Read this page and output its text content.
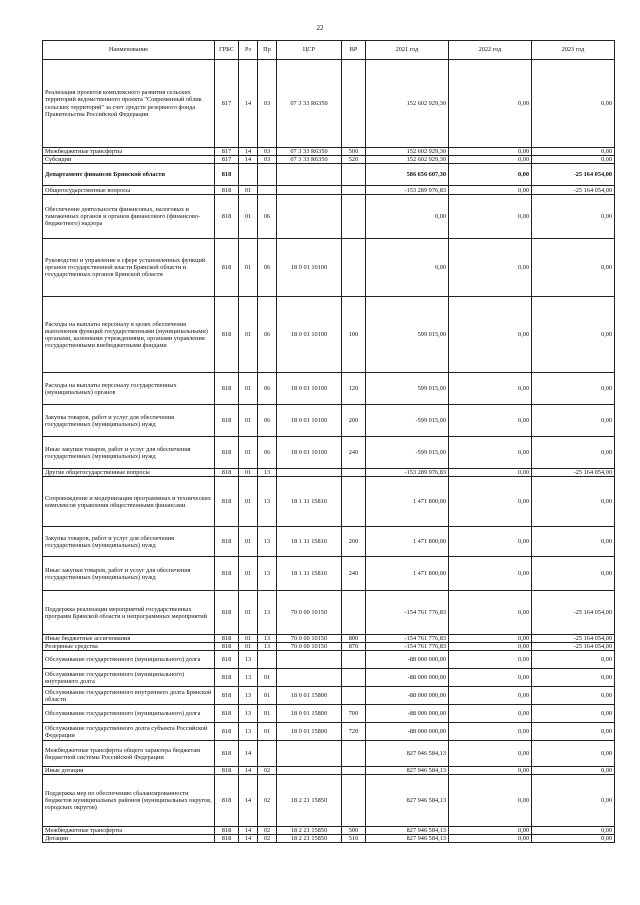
22
Наименование	ГРБС	Рз	Пр	ЦСР	ВР	2021 год	2022 год	2023 год
Реализация проектов комплексного развития сельских территорий ведомственного проекта "Современный облик сельских территорий" за счет средств резервного фонда Правительства Российской Федерации	817	14	03	07 3 33 R6350		152 602 929,30	0,00	0,00
Межбюджетные трансферты	817	14	03	07 3 33 R6350	500	152 602 929,30	0,00	0,00
Субсидии	817	14	03	07 3 33 R6350	520	152 602 929,30	0,00	0,00
Департамент финансов Брянской области	818					586 656 607,30	0,00	-25 164 054,00
Общегосударственные вопросы	818	01				-153 289 976,83	0,00	-25 164 054,00
Обеспечение деятельности финансовых, налоговых и таможенных органов и органов финансового (финансово-бюджетного) надзора	818	01	06			0,00	0,00	0,00
Руководство и управление в сфере установленных функций органов государственной власти Брянской области и государственных органов Брянской области	818	01	06	18 0 01 10100		0,00	0,00	0,00
Расходы на выплаты персоналу в целях обеспечения выполнения функций государственными (муниципальными) органами, казенными учреждениями, органами управления государственными внебюджетными фондами	818	01	06	18 0 01 10100	100	599 015,00	0,00	0,00
Расходы на выплаты персоналу государственных (муниципальных) органов	818	01	06	18 0 01 10100	120	599 015,00	0,00	0,00
Закупка товаров, работ и услуг для обеспечения государственных (муниципальных) нужд	818	01	06	18 0 01 10100	200	-599 015,00	0,00	0,00
Иные закупки товаров, работ и услуг для обеспечения государственных (муниципальных) нужд	818	01	06	18 0 01 10100	240	-599 015,00	0,00	0,00
Другие общегосударственные вопросы	818	01	13			-153 289 976,83	0,00	-25 164 054,00
Сопровождение и модернизация программных и технических комплексов управления общественными финансами	818	01	13	18 1 11 15810		1 471 800,00	0,00	0,00
Закупка товаров, работ и услуг для обеспечения государственных (муниципальных) нужд	818	01	13	18 1 11 15810	200	1 471 800,00	0,00	0,00
Иные закупки товаров, работ и услуг для обеспечения государственных (муниципальных) нужд	818	01	13	18 1 11 15810	240	1 471 800,00	0,00	0,00
Поддержка реализации мероприятий государственных программ Брянской области и непрограммных мероприятий	818	01	13	70 0 00 10150		-154 761 776,83	0,00	-25 164 054,00
Иные бюджетные ассигнования	818	01	13	70 0 00 10150	800	-154 761 776,83	0,00	-25 164 054,00
Резервные средства	818	01	13	70 0 00 10150	870	-154 761 776,83	0,00	-25 164 054,00
Обслуживание государственного (муниципального) долга	818	13				-88 000 000,00	0,00	0,00
Обслуживание государственного (муниципального) внутреннего долга	818	13	01			-88 000 000,00	0,00	0,00
Обслуживание государственного внутреннего долга Брянской области	818	13	01	18 0 01 15800		-88 000 000,00	0,00	0,00
Обслуживание государственного (муниципального) долга	818	13	01	18 0 01 15800	700	-88 000 000,00	0,00	0,00
Обслуживание государственного долга субъекта Российской Федерации	818	13	01	18 0 01 15800	720	-88 000 000,00	0,00	0,00
Межбюджетные трансферты общего характера бюджетам бюджетной системы Российской Федерации	818	14				827 946 584,13	0,00	0,00
Иные дотации	818	14	02			827 946 584,13	0,00	0,00
Поддержка мер по обеспечению сбалансированности бюджетов муниципальных районов (муниципальных округов, городских округов)	818	14	02	18 2 21 15850		827 946 584,13	0,00	0,00
Межбюджетные трансферты	818	14	02	18 2 21 15850	500	827 946 584,13	0,00	0,00
Дотации	818	14	02	18 2 21 15850	510	827 946 584,13	0,00	0,00
